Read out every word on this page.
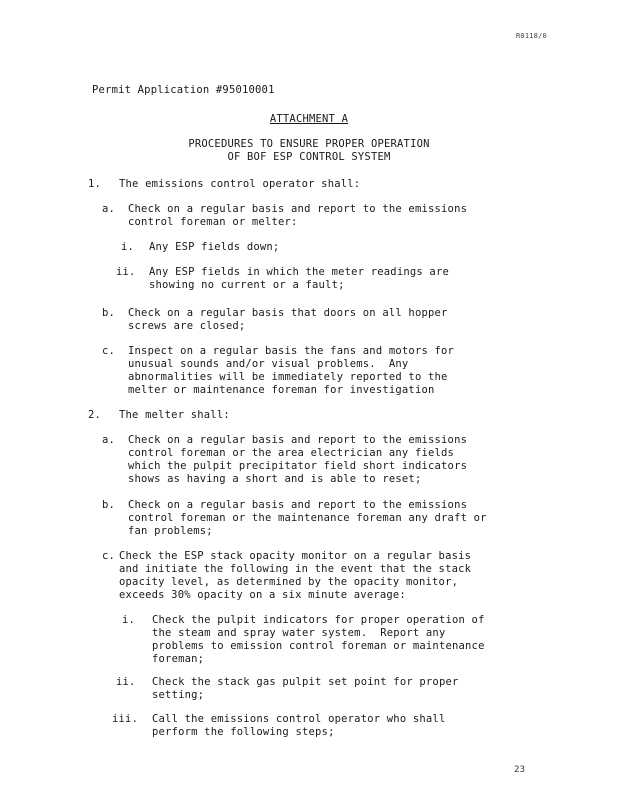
R0118/0
Permit Application #95010001
ATTACHMENT A
PROCEDURES TO ENSURE PROPER OPERATION
OF BOF ESP CONTROL SYSTEM
1. The emissions control operator shall:
a. Check on a regular basis and report to the emissions
control foreman or melter:
i. Any ESP fields down;
ii. Any ESP fields in which the meter readings are
showing no current or a fault;
b. Check on a regular basis that doors on all hopper
screws are closed;
c. Inspect on a regular basis the fans and motors for
unusual sounds and/or visual problems.  Any
abnormalities will be immediately reported to the
melter or maintenance foreman for investigation
2. The melter shall:
a. Check on a regular basis and report to the emissions
control foreman or the area electrician any fields
which the pulpit precipitator field short indicators
shows as having a short and is able to reset;
b. Check on a regular basis and report to the emissions
control foreman or the maintenance foreman any draft or
fan problems;
c. Check the ESP stack opacity monitor on a regular basis
and initiate the following in the event that the stack
opacity level, as determined by the opacity monitor,
exceeds 30% opacity on a six minute average:
i. Check the pulpit indicators for proper operation of
the steam and spray water system.  Report any
problems to emission control foreman or maintenance
foreman;
ii. Check the stack gas pulpit set point for proper
setting;
iii. Call the emissions control operator who shall
perform the following steps;
23
